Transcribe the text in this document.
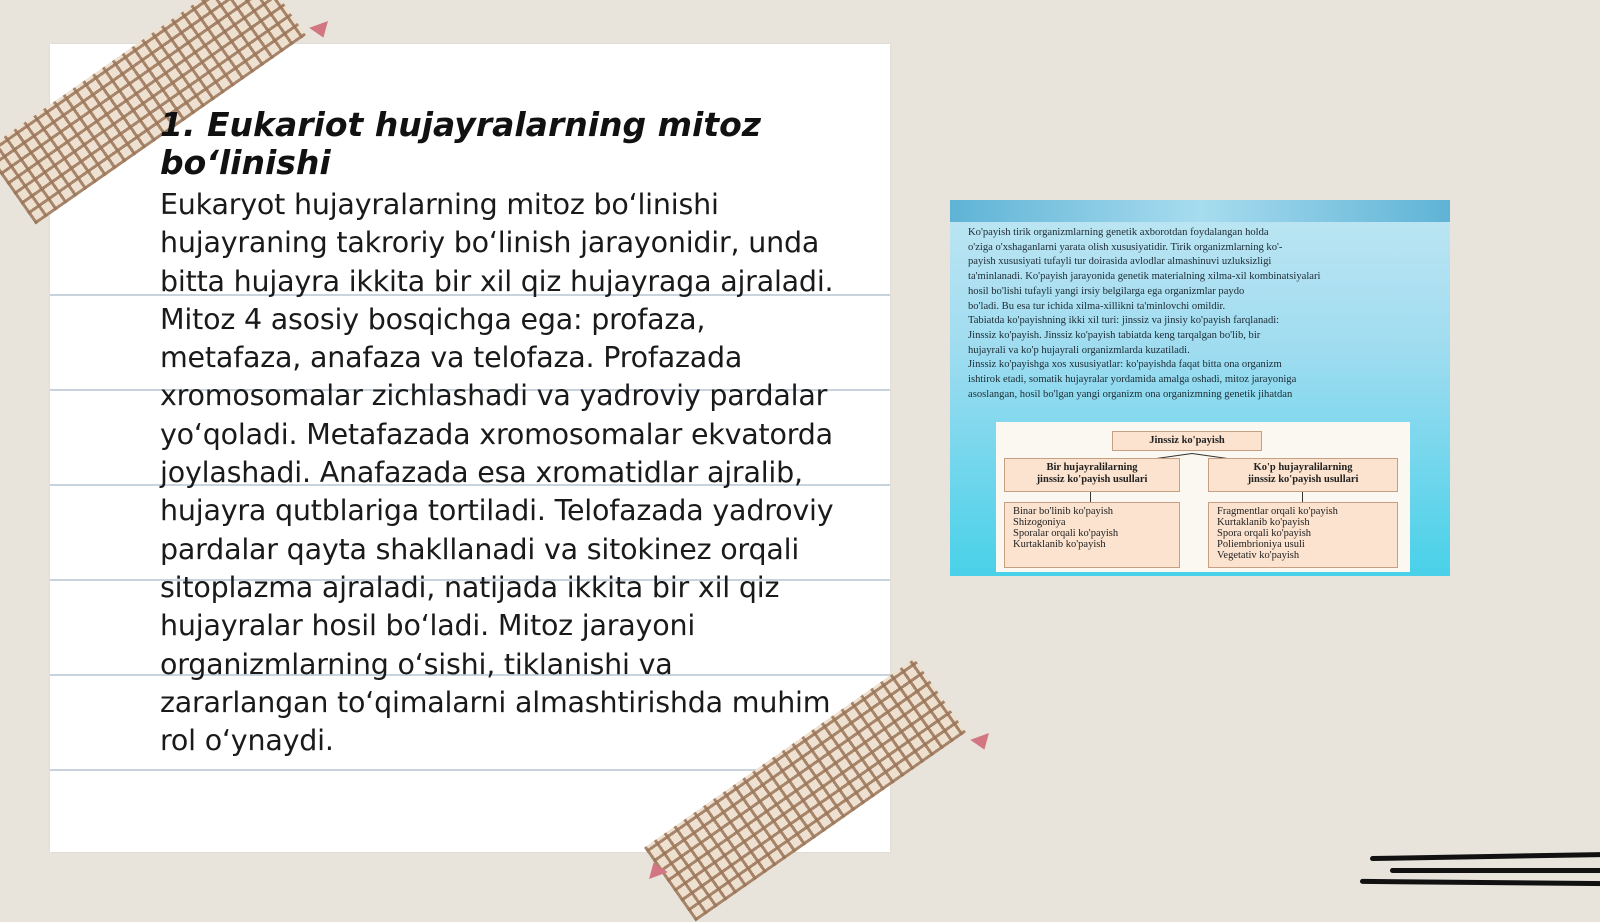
1. Eukariot hujayralarning mitoz bo‘linishi

Eukaryot hujayralarning mitoz bo‘linishi hujayraning takroriy bo‘linish jarayonidir, unda bitta hujayra ikkita bir xil qiz hujayraga ajraladi. Mitoz 4 asosiy bosqichga ega: profaza, metafaza, anafaza va telofaza. Profazada xromosomalar zichlashadi va yadroviy pardalar yo‘qoladi. Metafazada xromosomalar ekvatorda joylashadi. Anafazada esa xromatidlar ajralib, hujayra qutblariga tortiladi. Telofazada yadroviy pardalar qayta shakllanadi va sitokinez orqali sitoplazma ajraladi, natijada ikkita bir xil qiz hujayralar hosil bo‘ladi. Mitoz jarayoni organizmlarning o‘sishi, tiklanishi va zararlangan to‘qimalarni almashtirishda muhim rol o‘ynaydi.

Ko'payish tirik organizmlarning genetik axborotdan foydalangan holda
o'ziga o'xshaganlarni yarata olish xususiyatidir. Tirik organizmlarning ko'-
payish xususiyati tufayli tur doirasida avlodlar almashinuvi uzluksizligi
ta'minlanadi. Ko'payish jarayonida genetik materialning xilma-xil kombinatsiyalari
hosil bo'lishi tufayli yangi irsiy belgilarga ega organizmlar paydo
bo'ladi. Bu esa tur ichida xilma-xillikni ta'minlovchi omildir.
Tabiatda ko'payishning ikki xil turi: jinssiz va jinsiy ko'payish farqlanadi:
Jinssiz ko'payish. Jinssiz ko'payish tabiatda keng tarqalgan bo'lib, bir
hujayrali va ko'p hujayrali organizmlarda kuzatiladi.
Jinssiz ko'payishga xos xususiyatlar: ko'payishda faqat bitta ona organizm
ishtirok etadi, somatik hujayralar yordamida amalga oshadi, mitoz jarayoniga
asoslangan, hosil bo'lgan yangi organizm ona organizmning genetik jihatdan

Jinssiz ko'payish
Bir hujayralilarning
jinssiz ko'payish usullari
Ko'p hujayralilarning
jinssiz ko'payish usullari
Binar bo'linib ko'payish
Shizogoniya
Sporalar orqali ko'payish
Kurtaklanib ko'payish
Fragmentlar orqali ko'payish
Kurtaklanib ko'payish
Spora orqali ko'payish
Poliembrioniya usuli
Vegetativ ko'payish
